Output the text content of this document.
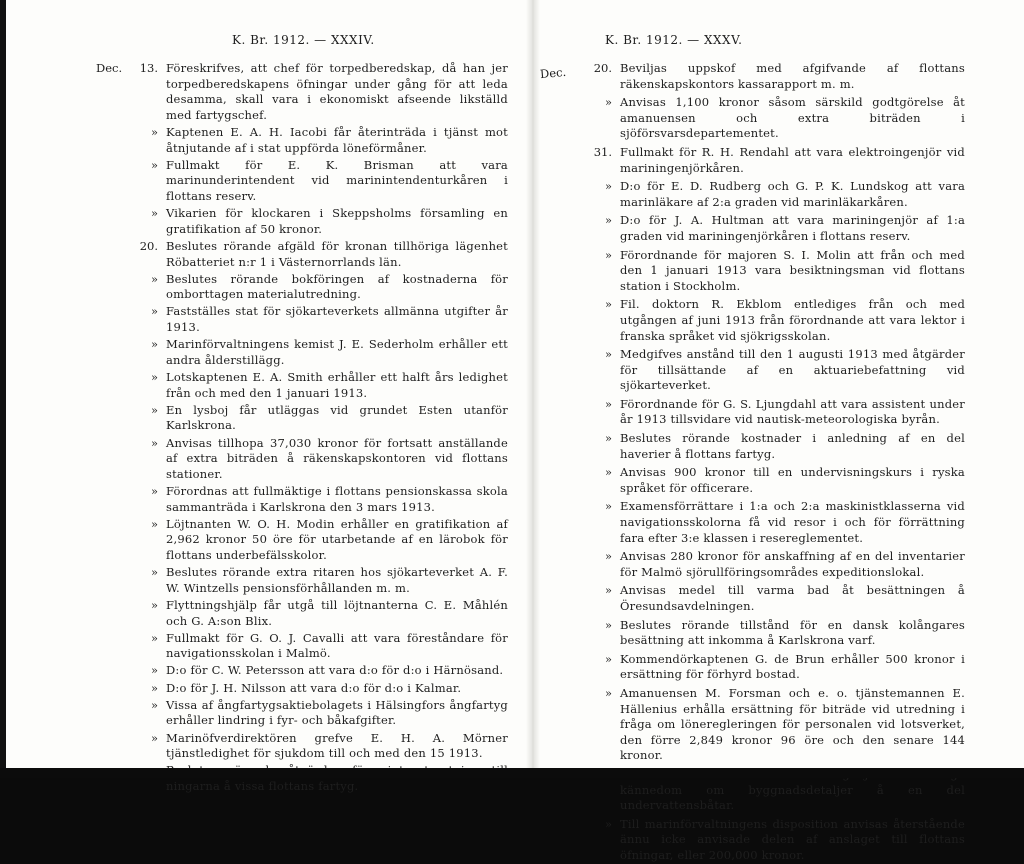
K. Br. 1912. — XXXIV.
Dec.	13. Föreskrifves, att chef för torpedberedskap, då han jer torpedberedskapens öfningar under gång för att leda desamma, skall vara i ekonomiskt afseende likställd med fartygschef.
» Kaptenen E. A. H. Iacobi får återinträda i tjänst mot åtnjutande af i stat uppförda löneförmåner.
» Fullmakt för E. K. Brisman att vara marinunderintendent vid marinintendenturkåren i flottans reserv.
» Vikarien för klockaren i Skeppsholms församling en gratifikation af 50 kronor.
20. Beslutes rörande afgäld för kronan tillhöriga lägenhet Röbatteriet n:r 1 i Västernorrlands län.
» Beslutes rörande bokföringen af kostnaderna för omborttagen materialutredning.
» Fastställes stat för sjökarteverkets allmänna utgifter år 1913.
» Marinförvaltningens kemist J. E. Sederholm erhåller ett andra ålderstillägg.
» Lotskaptenen E. A. Smith erhåller ett halft års ledighet från och med den 1 januari 1913.
» En lysboj får utläggas vid grundet Esten utanför Karlskrona.
» Anvisas tillhopa 37,030 kronor för fortsatt anställande af extra biträden å räkenskapskontoren vid flottans stationer.
» Förordnas att fullmäktige i flottans pensionskassa skola sammanträda i Karlskrona den 3 mars 1913.
» Löjtnanten W. O. H. Modin erhåller en gratifikation af 2,962 kronor 50 öre för utarbetande af en lärobok för flottans underbefälsskolor.
» Beslutes rörande extra ritaren hos sjökarteverket A. F. W. Wintzells pensionsförhållanden m. m.
» Flyttningshjälp får utgå till löjtnanterna C. E. Måhlén och G. A:son Blix.
» Fullmakt för G. O. J. Cavalli att vara föreståndare för navigationsskolan i Malmö.
» D:o för C. W. Petersson att vara d:o för d:o i Härnösand.
» D:o för J. H. Nilsson att vara d:o för d:o i Kalmar.
» Vissa af ångfartygsaktiebolagets i Hälsingfors ångfartyg erhåller lindring i fyr- och båkafgifter.
» Marinöfverdirektören grefve E. H. A. Mörner tjänstledighet för sjukdom till och med den 15 1913.
ningarna å vissa flottans fartyg.
K. Br. 1912. — XXXV.
Dec.	20. Beviljas uppskof med afgifvande af flottans räkenskapskontors kassarapport m. m.
» Anvisas 1,100 kronor såsom särskild godtgörelse åt amanuensen och extra biträden i sjöförsvarsdepartementet.
31. Fullmakt för R. H. Rendahl att vara elektroingenjör vid mariningenjörkåren.
» D:o för E. D. Rudberg och G. P. K. Lundskog att vara marinläkare af 2:a graden vid marinläkarkåren.
» D:o för J. A. Hultman att vara mariningenjör af 1:a graden vid mariningenjörkåren i flottans reserv.
» Förordnande för majoren S. I. Molin att från och med den 1 januari 1913 vara besiktningsman vid flottans station i Stockholm.
» Fil. doktorn R. Ekblom entlediges från och med utgången af juni 1913 från förordnande att vara lektor i franska språket vid sjökrigsskolan.
» Medgifves anstånd till den 1 augusti 1913 med åtgärder för tillsättande af en aktuariebefattning vid sjökarteverket.
» Förordnande för G. S. Ljungdahl att vara assistent under år 1913 tillsvidare vid nautisk-meteorologiska byrån.
» Beslutes rörande kostnader i anledning af en del haverier å flottans fartyg.
» Anvisas 900 kronor till en undervisningskurs i ryska språket för officerare.
» Examensförrättare i 1:a och 2:a maskinistklasserna vid navigationsskolorna få vid resor i och för förrättning fara efter 3:e klassen i resereglementet.
» Anvisas 280 kronor för anskaffning af en del inventarier för Malmö sjörullföringsområdes expeditionslokal.
» Anvisas medel till varma bad åt besättningen å Öresundsavdelningen.
» Beslutes rörande tillstånd för en dansk kolångares besättning att inkomma å Karlskrona varf.
» Kommendörkaptenen G. de Brun erhåller 500 kronor i ersättning för förhyrd bostad.
» Amanuensen M. Forsman och e. o. tjänstemannen E. Hällenius erhålla ersättning för biträde vid utredning i fråga om löneregleringen för personalen vid lotsverket, den förre 2,849 kronor 96 öre och den senare 144 kronor.
kännedom om byggnadsdetaljer å en del undervattensbåtar.
» Till marinförvaltningens disposition anvisas återstående ännu icke anvisade delen af anslaget till flottans öfningar, eller 200,000 kronor.
